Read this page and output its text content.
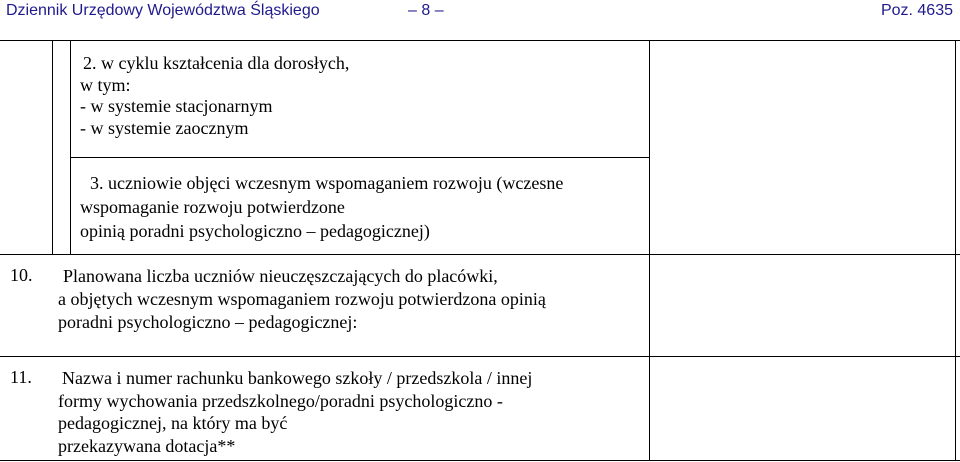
Dziennik Urzędowy Województwa Śląskiego	– 8 –	Poz. 4635
2. w cyklu kształcenia dla dorosłych,
w tym:
- w systemie stacjonarnym
- w systemie zaocznym
3. uczniowie objęci wczesnym wspomaganiem rozwoju (wczesne
wspomaganie rozwoju potwierdzone
opinią poradni psychologiczno – pedagogicznej)
10. Planowana liczba uczniów nieuczęszczających do placówki,
a objętych wczesnym wspomaganiem rozwoju potwierdzona opinią
poradni psychologiczno – pedagogicznej:
11. Nazwa i numer rachunku bankowego szkoły / przedszkola / innej
formy wychowania przedszkolnego/poradni psychologiczno -
pedagogicznej, na który ma być
przekazywana dotacja**
